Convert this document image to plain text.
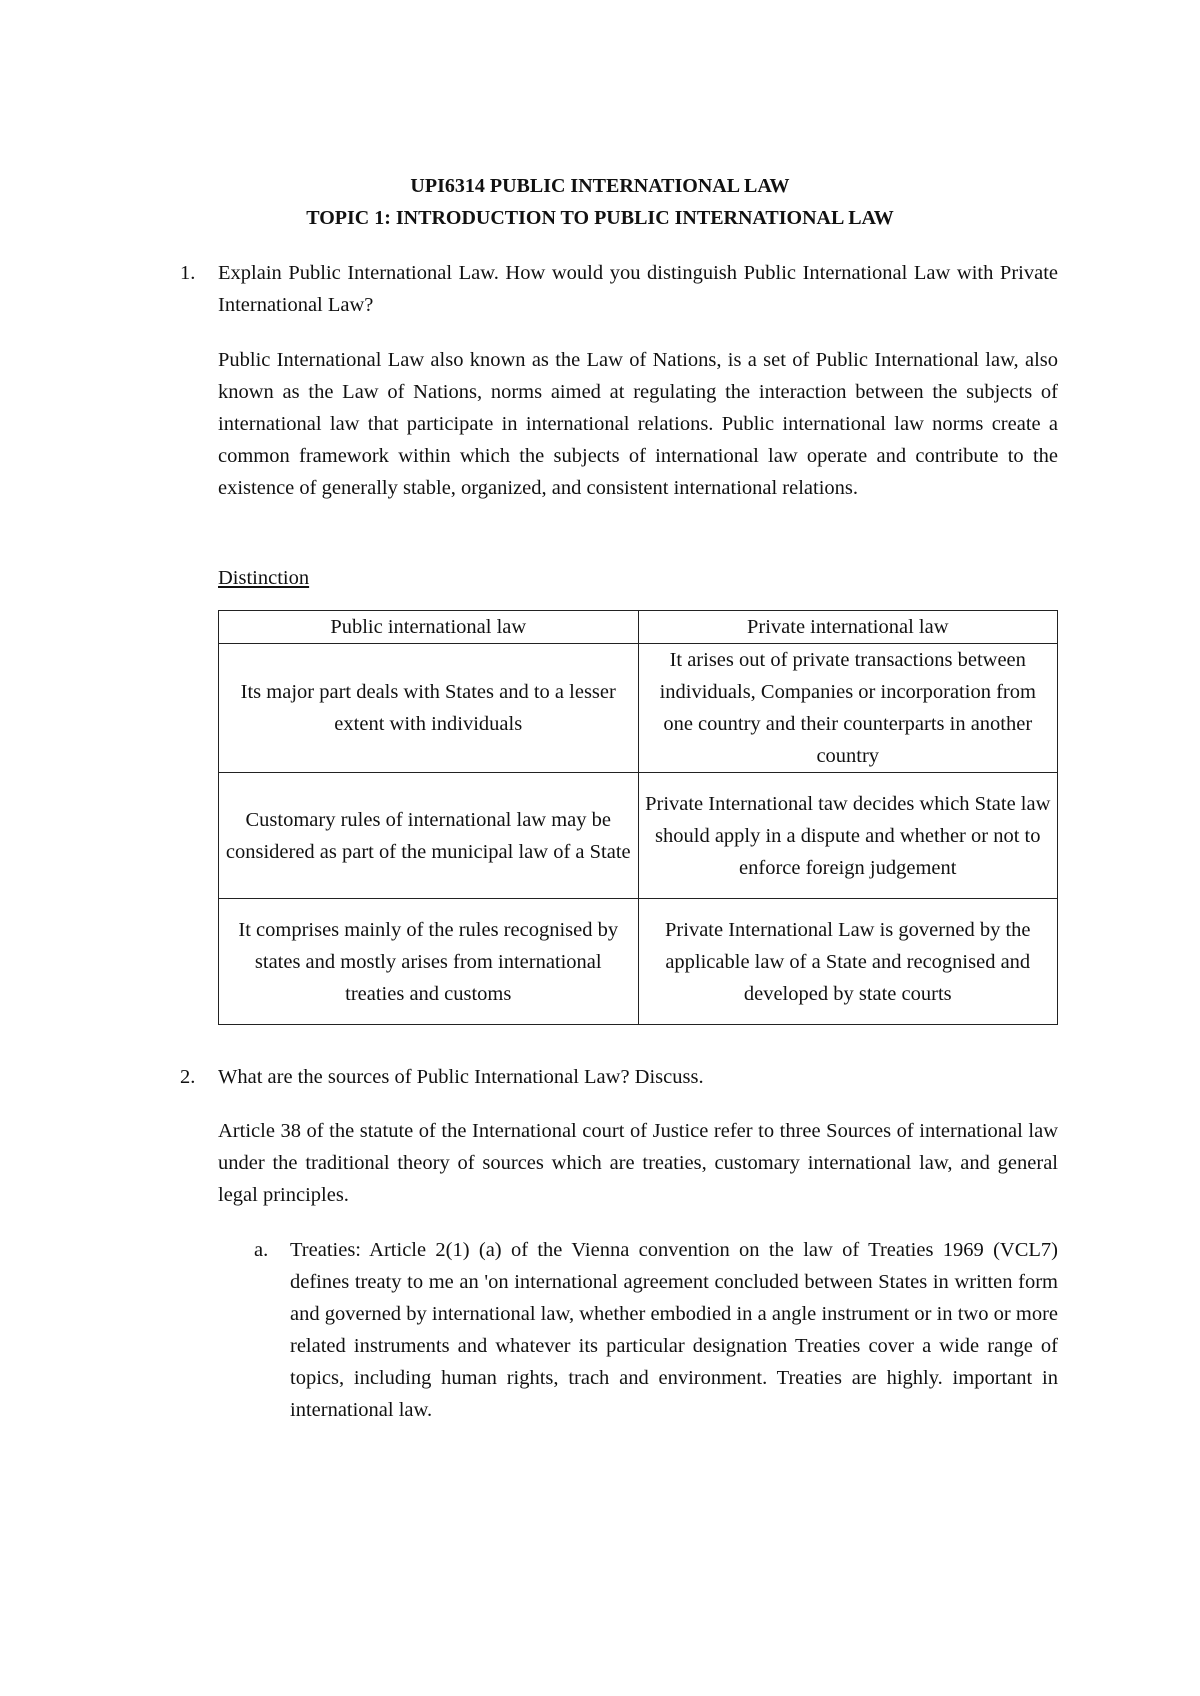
UPI6314 PUBLIC INTERNATIONAL LAW
TOPIC 1: INTRODUCTION TO PUBLIC INTERNATIONAL LAW
1. Explain Public International Law. How would you distinguish Public International Law with Private International Law?
Public International Law also known as the Law of Nations, is a set of Public International law, also known as the Law of Nations, norms aimed at regulating the interaction between the subjects of international law that participate in international relations. Public international law norms create a common framework within which the subjects of international law operate and contribute to the existence of generally stable, organized, and consistent international relations.
Distinction
Public international law	Private international law
Its major part deals with States and to a lesser extent with individuals	It arises out of private transactions between individuals, Companies or incorporation from one country and their counterparts in another country
Customary rules of international law may be considered as part of the municipal law of a State	Private International taw decides which State law should apply in a dispute and whether or not to enforce foreign judgement
It comprises mainly of the rules recognised by states and mostly arises from international treaties and customs	Private International Law is governed by the applicable law of a State and recognised and developed by state courts
2. What are the sources of Public International Law? Discuss.
Article 38 of the statute of the International court of Justice refer to three Sources of international law under the traditional theory of sources which are treaties, customary international law, and general legal principles.
a. Treaties: Article 2(1) (a) of the Vienna convention on the law of Treaties 1969 (VCL7) defines treaty to me an 'on international agreement concluded between States in written form and governed by international law, whether embodied in a angle instrument or in two or more related instruments and whatever its particular designation Treaties cover a wide range of topics, including human rights, trach and environment. Treaties are highly. important in international law.
